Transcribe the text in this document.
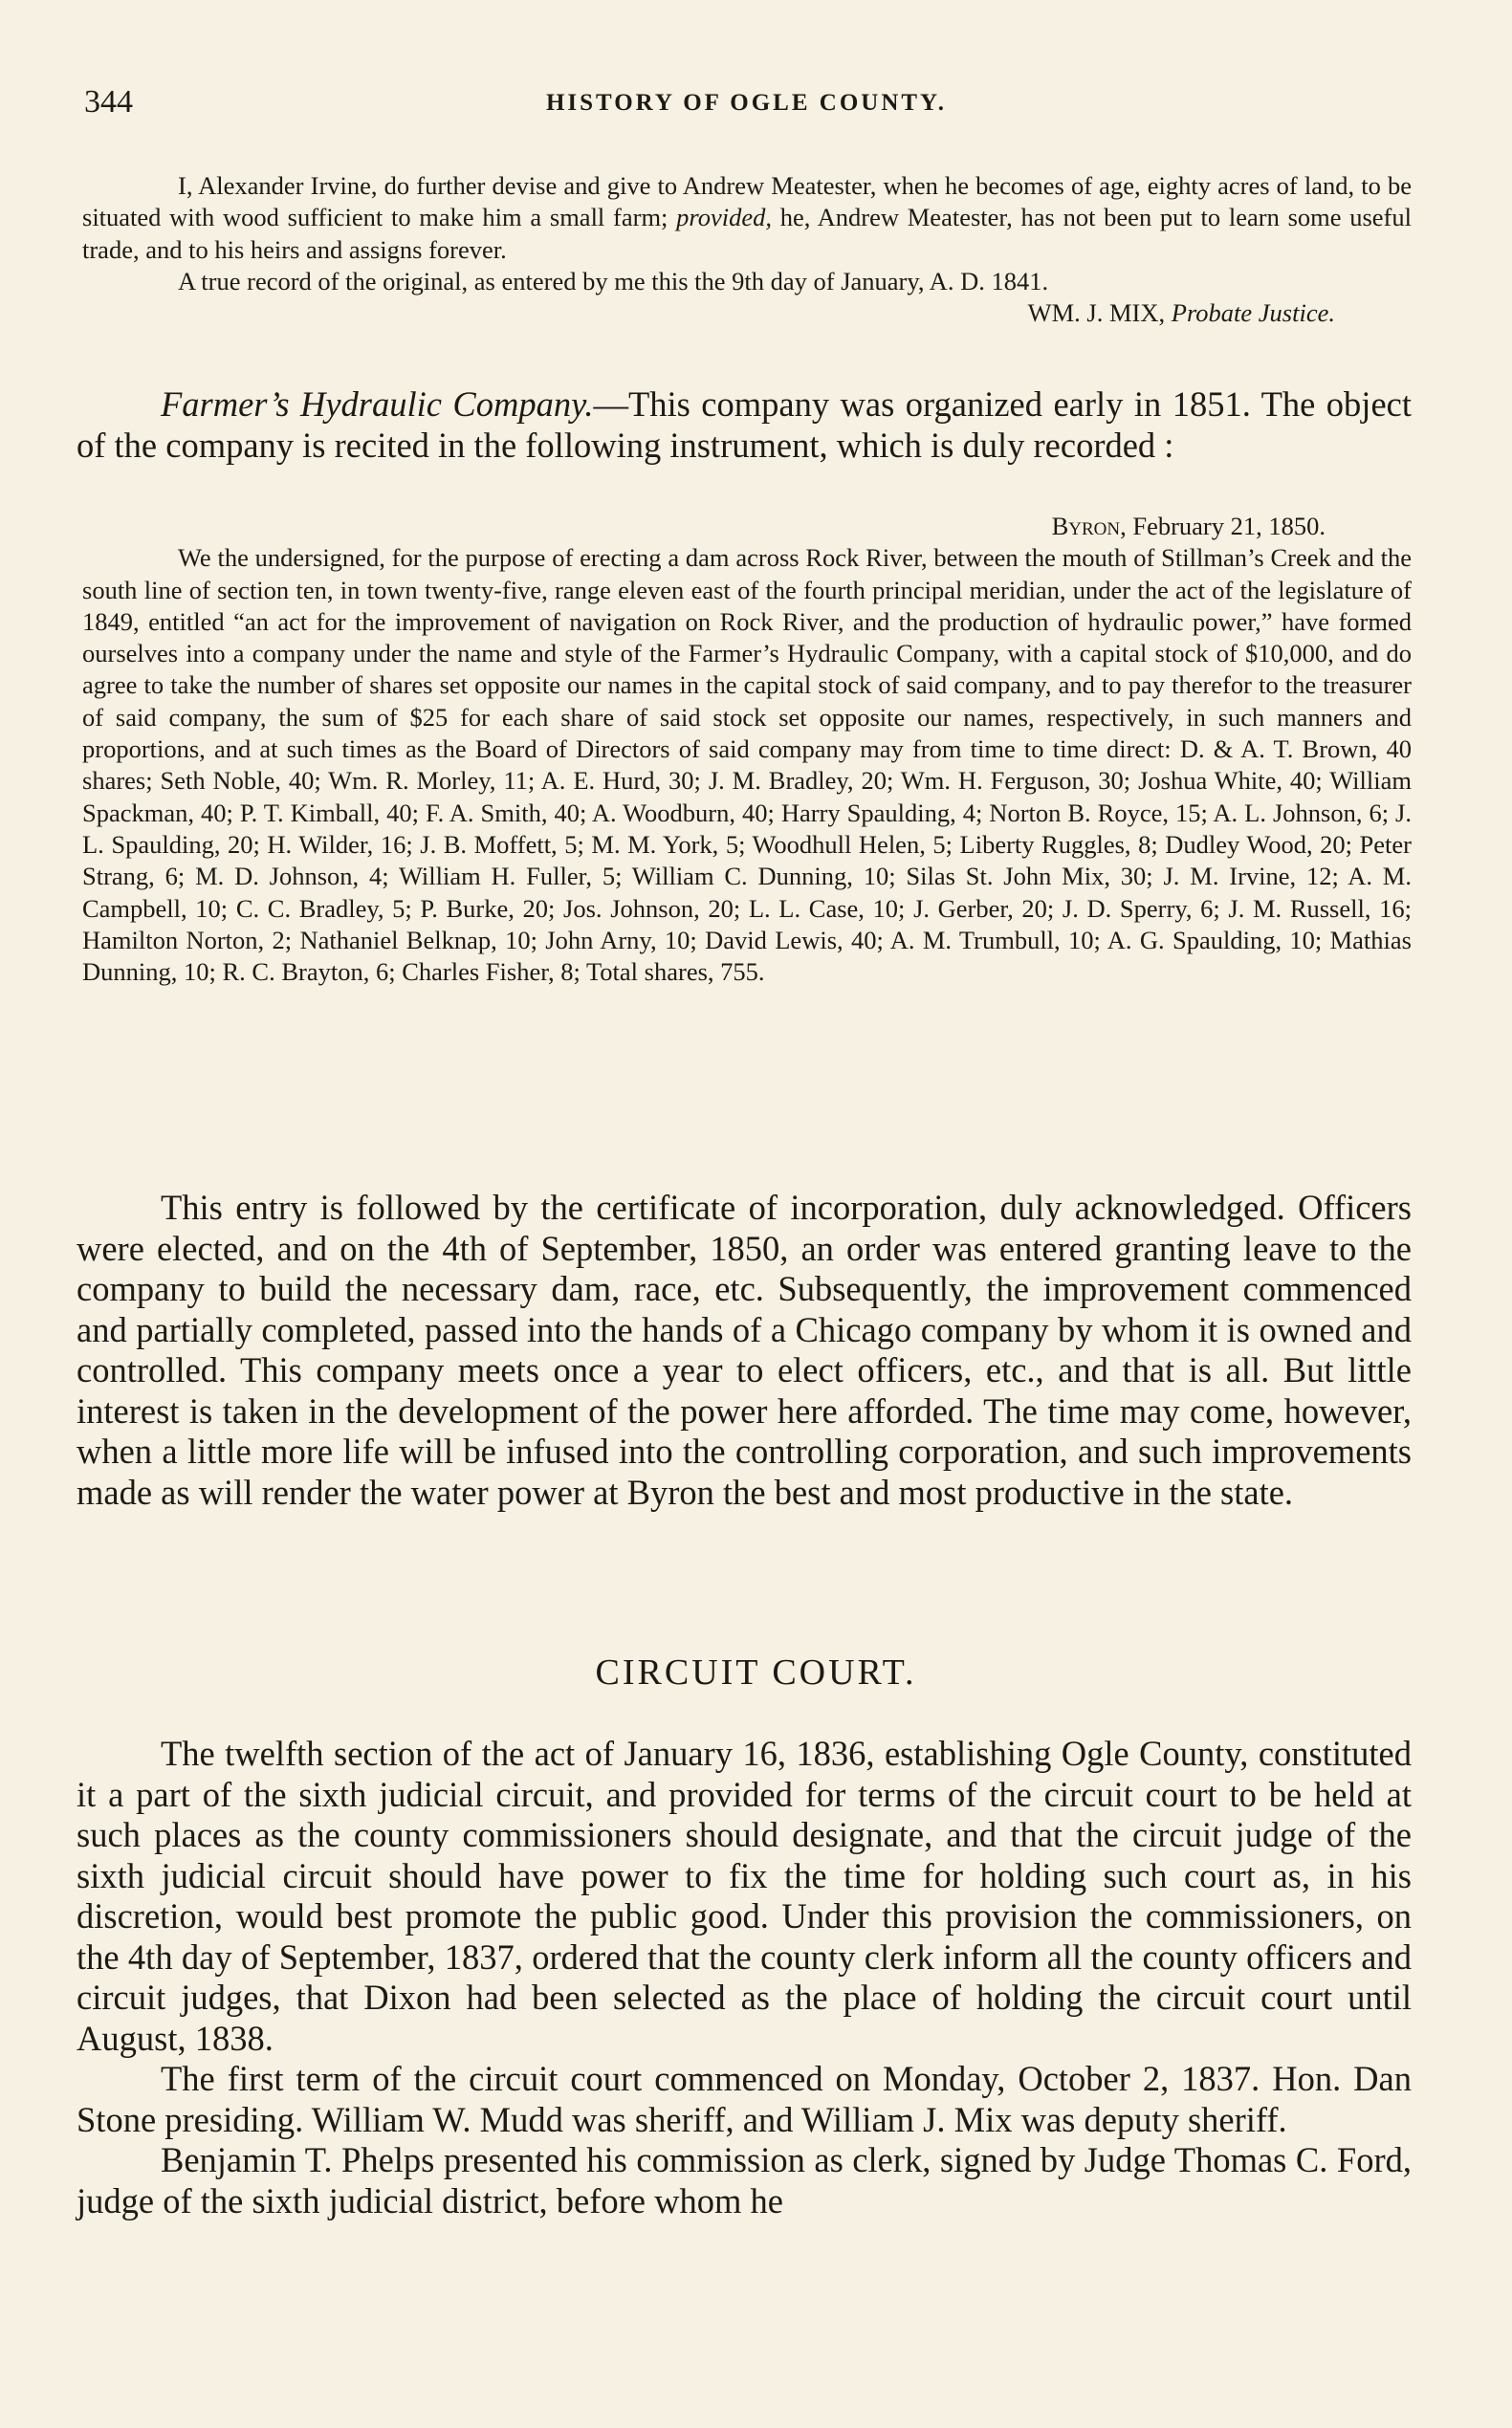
344	HISTORY OF OGLE COUNTY.

I, Alexander Irvine, do further devise and give to Andrew Meatester, when he becomes of age, eighty acres of land, to be situated with wood sufficient to make him a small farm; provided, he, Andrew Meatester, has not been put to learn some useful trade, and to his heirs and assigns forever.

A true record of the original, as entered by me this the 9th day of January, A. D. 1841.

WM. J. MIX, Probate Justice.

Farmer’s Hydraulic Company.—This company was organized early in 1851. The object of the company is recited in the following instrument, which is duly recorded :

Byron, February 21, 1850.

We the undersigned, for the purpose of erecting a dam across Rock River, between the mouth of Stillman’s Creek and the south line of section ten, in town twenty-five, range eleven east of the fourth principal meridian, under the act of the legislature of 1849, entitled “an act for the improvement of navigation on Rock River, and the production of hydraulic power,” have formed ourselves into a company under the name and style of the Farmer’s Hydraulic Company, with a capital stock of $10,000, and do agree to take the number of shares set opposite our names in the capital stock of said company, and to pay therefor to the treasurer of said company, the sum of $25 for each share of said stock set opposite our names, respectively, in such manners and proportions, and at such times as the Board of Directors of said company may from time to time direct: D. & A. T. Brown, 40 shares; Seth Noble, 40; Wm. R. Morley, 11; A. E. Hurd, 30; J. M. Bradley, 20; Wm. H. Ferguson, 30; Joshua White, 40; William Spackman, 40; P. T. Kimball, 40; F. A. Smith, 40; A. Woodburn, 40; Harry Spaulding, 4; Norton B. Royce, 15; A. L. Johnson, 6; J. L. Spaulding, 20; H. Wilder, 16; J. B. Moffett, 5; M. M. York, 5; Woodhull Helen, 5; Liberty Ruggles, 8; Dudley Wood, 20; Peter Strang, 6; M. D. Johnson, 4; William H. Fuller, 5; William C. Dunning, 10; Silas St. John Mix, 30; J. M. Irvine, 12; A. M. Campbell, 10; C. C. Bradley, 5; P. Burke, 20; Jos. Johnson, 20; L. L. Case, 10; J. Gerber, 20; J. D. Sperry, 6; J. M. Russell, 16; Hamilton Norton, 2; Nathaniel Belknap, 10; John Arny, 10; David Lewis, 40; A. M. Trumbull, 10; A. G. Spaulding, 10; Mathias Dunning, 10; R. C. Brayton, 6; Charles Fisher, 8; Total shares, 755.

This entry is followed by the certificate of incorporation, duly acknowledged. Officers were elected, and on the 4th of September, 1850, an order was entered granting leave to the company to build the necessary dam, race, etc. Subsequently, the improvement commenced and partially completed, passed into the hands of a Chicago company by whom it is owned and controlled. This company meets once a year to elect officers, etc., and that is all. But little interest is taken in the development of the power here afforded. The time may come, however, when a little more life will be infused into the controlling corporation, and such improvements made as will render the water power at Byron the best and most productive in the state.

CIRCUIT COURT.

The twelfth section of the act of January 16, 1836, establishing Ogle County, constituted it a part of the sixth judicial circuit, and provided for terms of the circuit court to be held at such places as the county commissioners should designate, and that the circuit judge of the sixth judicial circuit should have power to fix the time for holding such court as, in his discretion, would best promote the public good. Under this provision the commissioners, on the 4th day of September, 1837, ordered that the county clerk inform all the county officers and circuit judges, that Dixon had been selected as the place of holding the circuit court until August, 1838.

The first term of the circuit court commenced on Monday, October 2, 1837. Hon. Dan Stone presiding. William W. Mudd was sheriff, and William J. Mix was deputy sheriff.

Benjamin T. Phelps presented his commission as clerk, signed by Judge Thomas C. Ford, judge of the sixth judicial district, before whom he
